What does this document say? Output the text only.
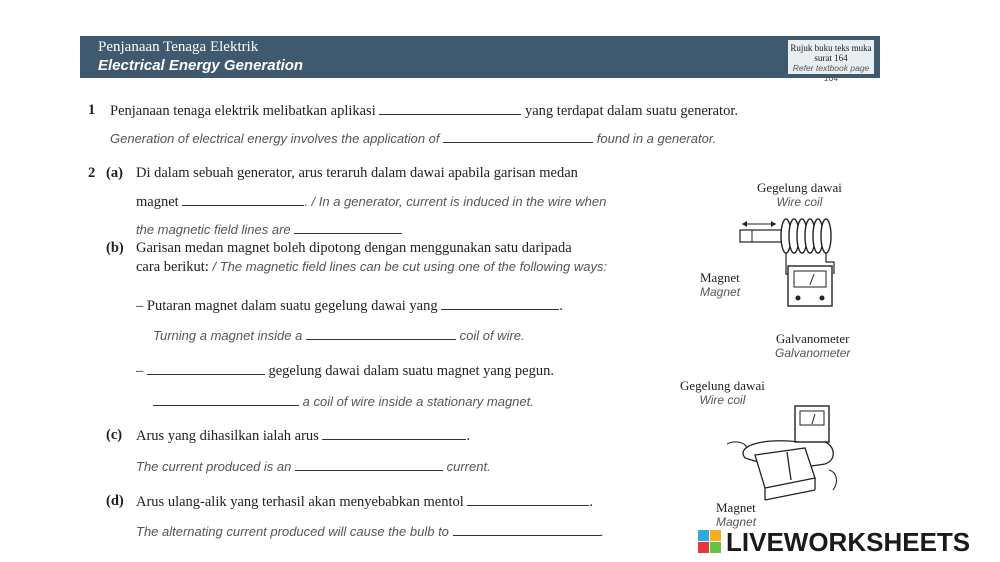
Penjanaan Tenaga Elektrik
Electrical Energy Generation
Rujuk buku teks muka surat 164
Refer textbook page 164
1 Penjanaan tenaga elektrik melibatkan aplikasi	yang terdapat dalam suatu generator.
Generation of electrical energy involves the application of	found in a generator.
2 (a) Di dalam sebuah generator, arus teraruh dalam dawai apabila garisan medan
magnet	. / In a generator, current is induced in the wire when
the magnetic field lines are
(b) Garisan medan magnet boleh dipotong dengan menggunakan satu daripada
cara berikut: / The magnetic field lines can be cut using one of the following ways:
– Putaran magnet dalam suatu gegelung dawai yang	.
Turning a magnet inside a	coil of wire.
–	gegelung dawai dalam suatu magnet yang pegun.
a coil of wire inside a stationary magnet.
(c) Arus yang dihasilkan ialah arus	.
The current produced is an	current.
(d) Arus ulang-alik yang terhasil akan menyebabkan mentol	.
The alternating current produced will cause the bulb to	.
Gegelung dawai
Wire coil
Magnet
Magnet
Galvanometer
Galvanometer
Gegelung dawai
Wire coil
Magnet
Magnet
LIVEWORKSHEETS
